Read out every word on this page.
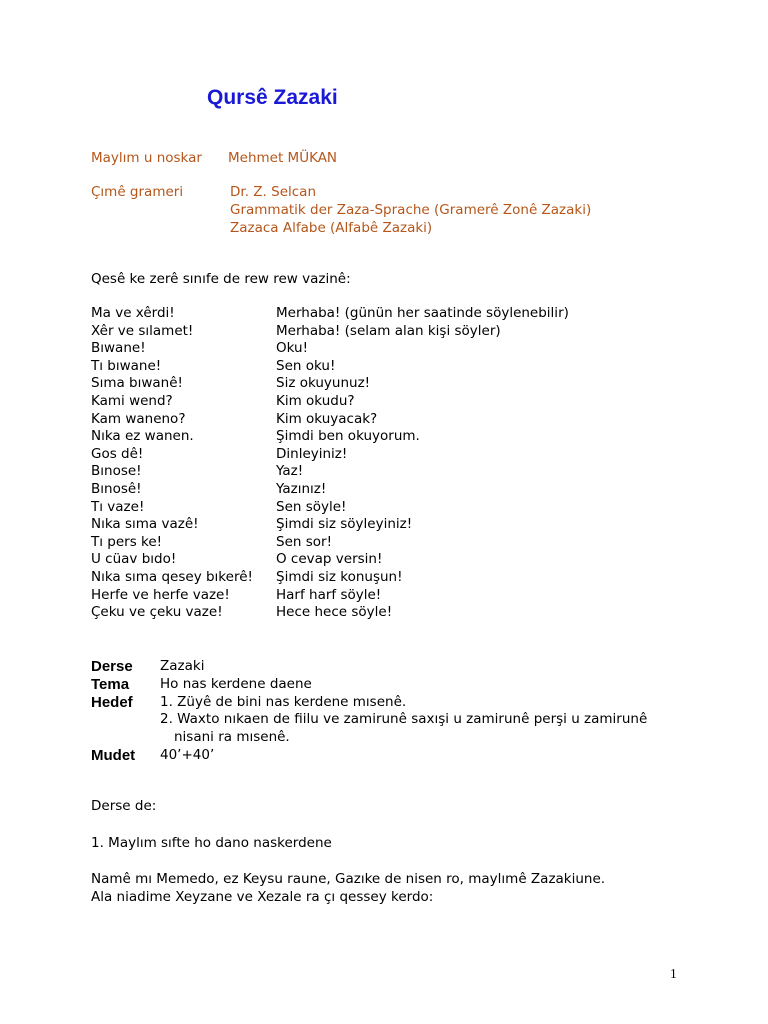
Qursê Zazaki
Maylım u noskar Mehmet MÜKAN
Çımê grameri	Dr. Z. Selcan
Grammatik der Zaza-Sprache (Gramerê Zonê Zazaki)
Zazaca Alfabe (Alfabê Zazaki)
Qesê ke zerê sınıfe de rew rew vazinê:
Ma ve xêrdi!	Merhaba! (günün her saatinde söylenebilir)
Xêr ve sılamet!	Merhaba! (selam alan kişi söyler)
Bıwane!	Oku!
Tı bıwane!	Sen oku!
Sıma bıwanê!	Siz okuyunuz!
Kami wend?	Kim okudu?
Kam waneno?	Kim okuyacak?
Nıka ez wanen.	Şimdi ben okuyorum.
Gos dê!	Dinleyiniz!
Bınose!	Yaz!
Bınosê!	Yazınız!
Tı vaze!	Sen söyle!
Nıka sıma vazê!	Şimdi siz söyleyiniz!
Tı pers ke!	Sen sor!
U cüav bıdo!	O cevap versin!
Nıka sıma qesey bıkerê! Şimdi siz konuşun!
Herfe ve herfe vaze!	Harf harf söyle!
Çeku ve çeku vaze!	Hece hece söyle!
Derse Zazaki
Tema Ho nas kerdene daene
Hedef 1. Züyê de bini nas kerdene mısenê.
2. Waxto nıkaen de fiilu ve zamirunê saxışi u zamirunê perşi u zamirunê
nisani ra mısenê.
Mudet 40’+40’
Derse de:
1. Maylım sıfte ho dano naskerdene
Namê mı Memedo, ez Keysu raune, Gazıke de nisen ro, maylımê Zazakiune.
Ala niadime Xeyzane ve Xezale ra çı qessey kerdo:
1
